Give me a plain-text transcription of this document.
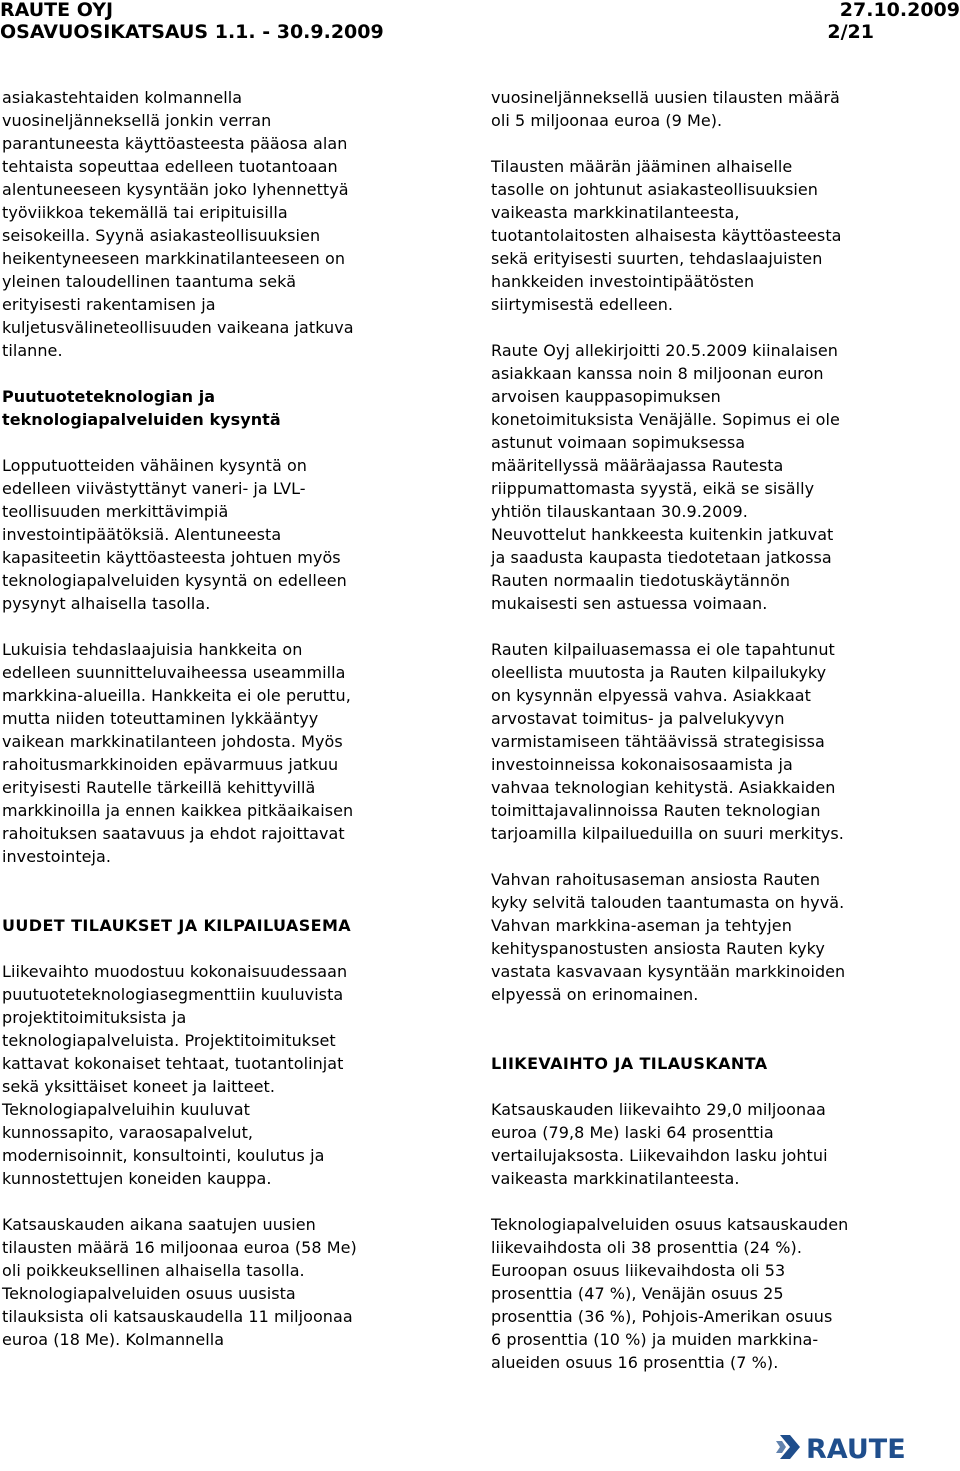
RAUTE OYJ	27.10.2009
OSAVUOSIKATSAUS 1.1. - 30.9.2009	2/21

asiakastehtaiden kolmannella
vuosineljänneksellä jonkin verran
parantuneesta käyttöasteesta pääosa alan
tehtaista sopeuttaa edelleen tuotantoaan
alentuneeseen kysyntään joko lyhennettyä
työviikkoa tekemällä tai eripituisilla
seisokeilla. Syynä asiakasteollisuuksien
heikentyneeseen markkinatilanteeseen on
yleinen taloudellinen taantuma sekä
erityisesti rakentamisen ja
kuljetusvälineteollisuuden vaikeana jatkuva
tilanne.

Puutuoteteknologian ja
teknologiapalveluiden kysyntä

Lopputuotteiden vähäinen kysyntä on
edelleen viivästyttänyt vaneri- ja LVL-
teollisuuden merkittävimpiä
investointipäätöksiä. Alentuneesta
kapasiteetin käyttöasteesta johtuen myös
teknologiapalveluiden kysyntä on edelleen
pysynyt alhaisella tasolla.

Lukuisia tehdaslaajuisia hankkeita on
edelleen suunnitteluvaiheessa useammilla
markkina-alueilla. Hankkeita ei ole peruttu,
mutta niiden toteuttaminen lykkääntyy
vaikean markkinatilanteen johdosta. Myös
rahoitusmarkkinoiden epävarmuus jatkuu
erityisesti Rautelle tärkeillä kehittyvillä
markkinoilla ja ennen kaikkea pitkäaikaisen
rahoituksen saatavuus ja ehdot rajoittavat
investointeja.

UUDET TILAUKSET JA KILPAILUASEMA

Liikevaihto muodostuu kokonaisuudessaan
puutuoteteknologiasegmenttiin kuuluvista
projektitoimituksista ja
teknologiapalveluista. Projektitoimitukset
kattavat kokonaiset tehtaat, tuotantolinjat
sekä yksittäiset koneet ja laitteet.
Teknologiapalveluihin kuuluvat
kunnossapito, varaosapalvelut,
modernisoinnit, konsultointi, koulutus ja
kunnostettujen koneiden kauppa.

Katsauskauden aikana saatujen uusien
tilausten määrä 16 miljoonaa euroa (58 Me)
oli poikkeuksellinen alhaisella tasolla.
Teknologiapalveluiden osuus uusista
tilauksista oli katsauskaudella 11 miljoonaa
euroa (18 Me). Kolmannella

vuosineljänneksellä uusien tilausten määrä
oli 5 miljoonaa euroa (9 Me).

Tilausten määrän jääminen alhaiselle
tasolle on johtunut asiakasteollisuuksien
vaikeasta markkinatilanteesta,
tuotantolaitosten alhaisesta käyttöasteesta
sekä erityisesti suurten, tehdaslaajuisten
hankkeiden investointipäätösten
siirtymisestä edelleen.

Raute Oyj allekirjoitti 20.5.2009 kiinalaisen
asiakkaan kanssa noin 8 miljoonan euron
arvoisen kauppasopimuksen
konetoimituksista Venäjälle. Sopimus ei ole
astunut voimaan sopimuksessa
määritellyssä määräajassa Rautesta
riippumattomasta syystä, eikä se sisälly
yhtiön tilauskantaan 30.9.2009.
Neuvottelut hankkeesta kuitenkin jatkuvat
ja saadusta kaupasta tiedotetaan jatkossa
Rauten normaalin tiedotuskäytännön
mukaisesti sen astuessa voimaan.

Rauten kilpailuasemassa ei ole tapahtunut
oleellista muutosta ja Rauten kilpailukyky
on kysynnän elpyessä vahva. Asiakkaat
arvostavat toimitus- ja palvelukyvyn
varmistamiseen tähtäävissä strategisissa
investoinneissa kokonaisosaamista ja
vahvaa teknologian kehitystä. Asiakkaiden
toimittajavalinnoissa Rauten teknologian
tarjoamilla kilpailueduilla on suuri merkitys.

Vahvan rahoitusaseman ansiosta Rauten
kyky selvitä talouden taantumasta on hyvä.
Vahvan markkina-aseman ja tehtyjen
kehityspanostusten ansiosta Rauten kyky
vastata kasvavaan kysyntään markkinoiden
elpyessä on erinomainen.

LIIKEVAIHTO JA TILAUSKANTA

Katsauskauden liikevaihto 29,0 miljoonaa
euroa (79,8 Me) laski 64 prosenttia
vertailujaksosta. Liikevaihdon lasku johtui
vaikeasta markkinatilanteesta.

Teknologiapalveluiden osuus katsauskauden
liikevaihdosta oli 38 prosenttia (24 %).
Euroopan osuus liikevaihdosta oli 53
prosenttia (47 %), Venäjän osuus 25
prosenttia (36 %), Pohjois-Amerikan osuus
6 prosenttia (10 %) ja muiden markkina-
alueiden osuus 16 prosenttia (7 %).

RAUTE
